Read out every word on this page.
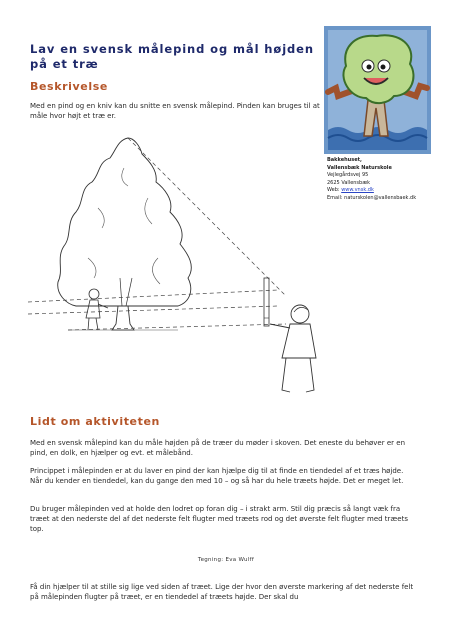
Lav en svensk målepind og mål højden på et træ
Bakkehuset,
Vallensbæk Naturskole
Vejlegårdsvej 95
2625 Vallensbæk
Web: www.vnsk.dk
Email: naturskolen@vallensbaek.dk
Beskrivelse
Med en pind og en kniv kan du snitte en svensk målepind. Pinden kan bruges til at måle hvor højt et træ er.
Lidt om aktiviteten
Med en svensk målepind kan du måle højden på de træer du møder i skoven. Det eneste du behøver er en pind, en dolk, en hjælper og evt. et målebånd.
Princippet i målepinden er at du laver en pind der kan hjælpe dig til at finde en tiendedel af et træs højde. Når du kender en tiendedel, kan du gange den med 10 – og så har du hele træets højde. Det er meget let.
Du bruger målepinden ved at holde den lodret op foran dig – i strakt arm. Stil dig præcis så langt væk fra træet at den nederste del af det nederste felt flugter med træets rod og det øverste felt flugter med træets top.
Tegning: Eva Wulff
Få din hjælper til at stille sig lige ved siden af træet. Lige der hvor den øverste markering af det nederste felt på målepinden flugter på træet, er en tiendedel af træets højde. Der skal du
